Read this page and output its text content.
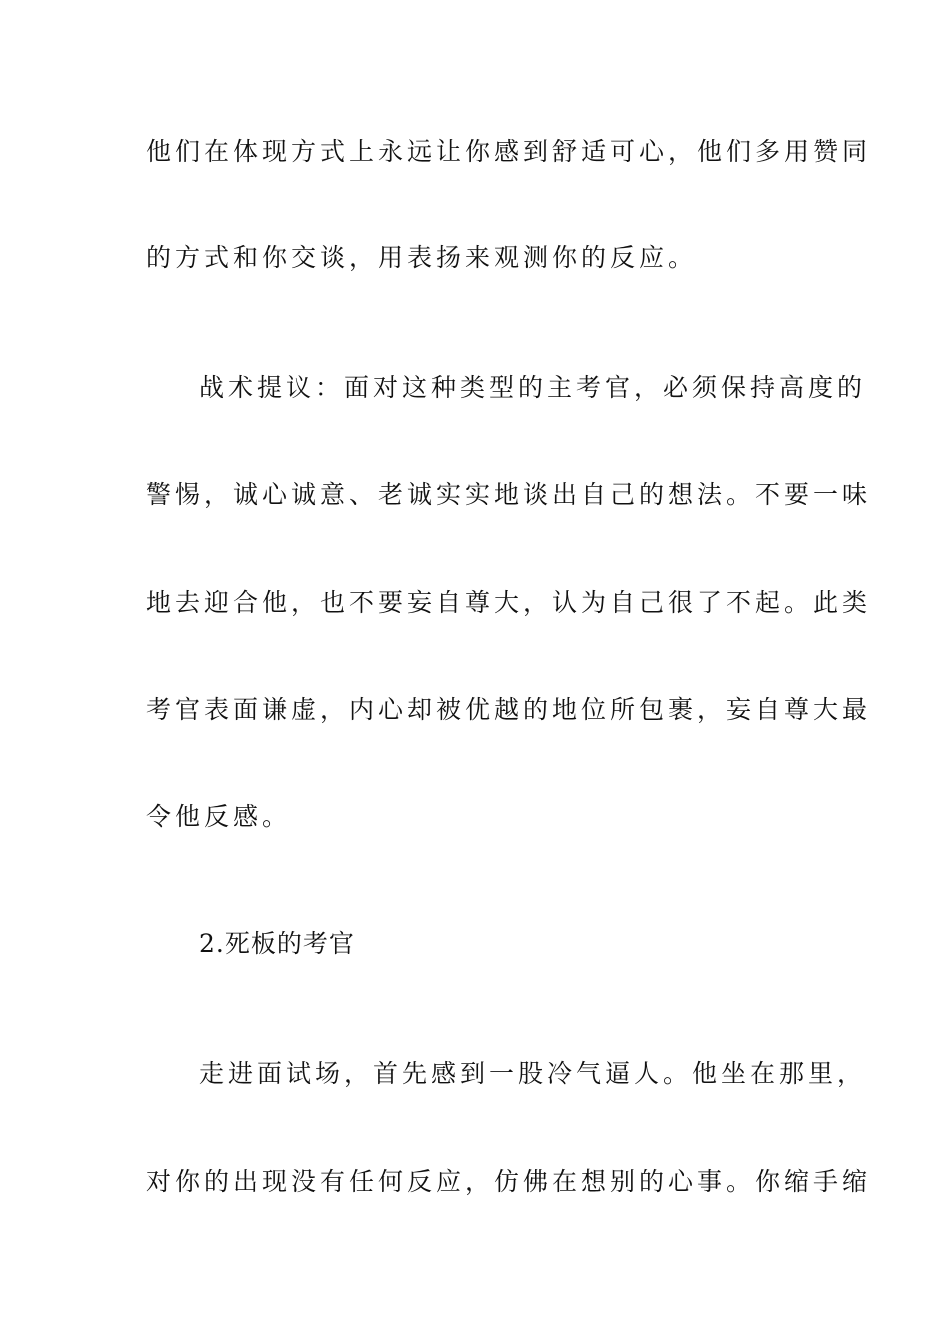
他们在体现方式上永远让你感到舒适可心，他们多用赞同
的方式和你交谈，用表扬来观测你的反应。
战术提议：面对这种类型的主考官，必须保持高度的
警惕，诚心诚意、老诚实实地谈出自己的想法。不要一味
地去迎合他，也不要妄自尊大，认为自己很了不起。此类
考官表面谦虚，内心却被优越的地位所包裹，妄自尊大最
令他反感。
2.死板的考官
走进面试场，首先感到一股冷气逼人。他坐在那里，
对你的出现没有任何反应，仿佛在想别的心事。你缩手缩
